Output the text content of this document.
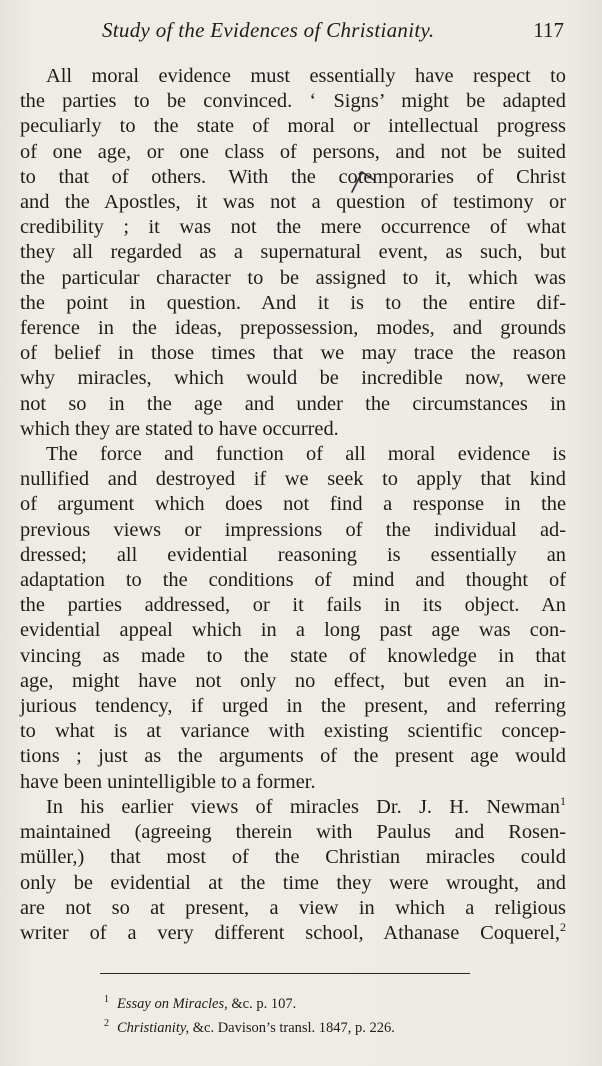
Study of the Evidences of Christianity.	117
All moral evidence must essentially have respect to
the parties to be convinced. ‘ Signs’ might be adapted
peculiarly to the state of moral or intellectual progress
of one age, or one class of persons, and not be suited
to that of others. With the cotemporaries of Christ
and the Apostles, it was not a question of testimony or
credibility ; it was not the mere occurrence of what
they all regarded as a supernatural event, as such, but
the particular character to be assigned to it, which was
the point in question. And it is to the entire dif-
ference in the ideas, prepossession, modes, and grounds
of belief in those times that we may trace the reason
why miracles, which would be incredible now, were
not so in the age and under the circumstances in
which they are stated to have occurred.
The force and function of all moral evidence is
nullified and destroyed if we seek to apply that kind
of argument which does not find a response in the
previous views or impressions of the individual ad-
dressed; all evidential reasoning is essentially an
adaptation to the conditions of mind and thought of
the parties addressed, or it fails in its object. An
evidential appeal which in a long past age was con-
vincing as made to the state of knowledge in that
age, might have not only no effect, but even an in-
jurious tendency, if urged in the present, and referring
to what is at variance with existing scientific concep-
tions ; just as the arguments of the present age would
have been unintelligible to a former.
In his earlier views of miracles Dr. J. H. Newman$^1$
maintained (agreeing therein with Paulus and Rosen-
müller,) that most of the Christian miracles could
only be evidential at the time they were wrought, and
are not so at present, a view in which a religious
writer of a very different school, Athanase Coquerel,$^2$
$^1$ Essay on Miracles, &c. p. 107.
$^2$ Christianity, &c. Davison’s transl. 1847, p. 226.
